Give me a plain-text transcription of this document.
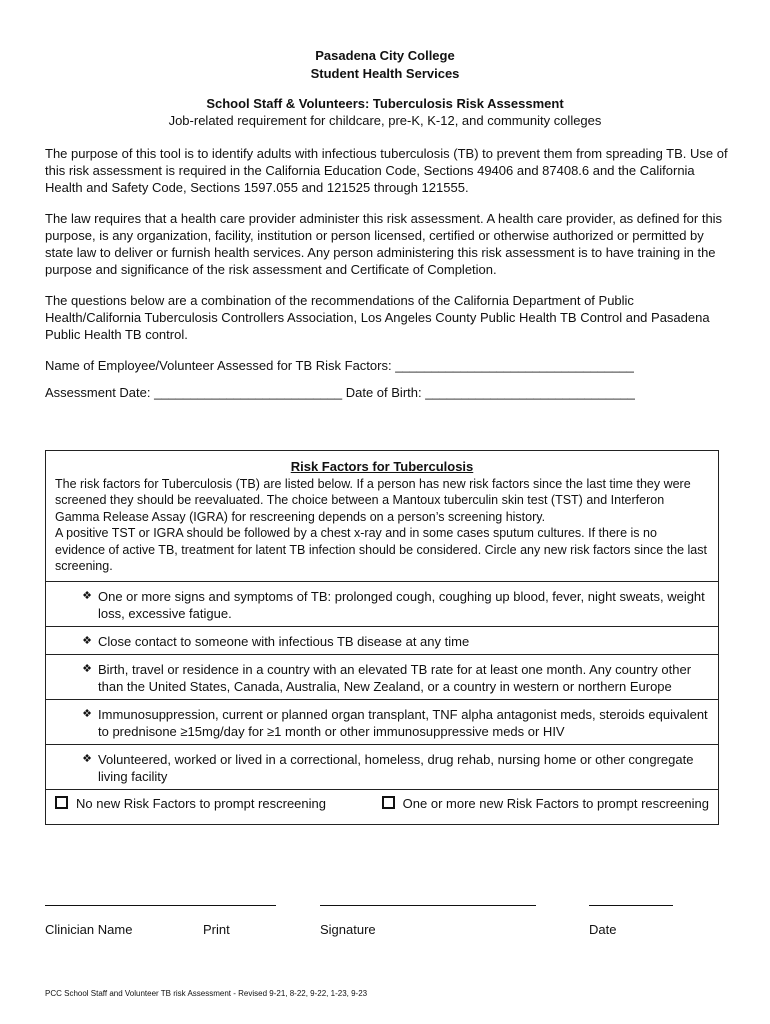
Pasadena City College
Student Health Services
School Staff & Volunteers: Tuberculosis Risk Assessment
Job-related requirement for childcare, pre-K, K-12, and community colleges
The purpose of this tool is to identify adults with infectious tuberculosis (TB) to prevent them from spreading TB. Use of this risk assessment is required in the California Education Code, Sections 49406 and 87408.6 and the California Health and Safety Code, Sections 1597.055 and 121525 through 121555.
The law requires that a health care provider administer this risk assessment. A health care provider, as defined for this purpose, is any organization, facility, institution or person licensed, certified or otherwise authorized or permitted by state law to deliver or furnish health services. Any person administering this risk assessment is to have training in the purpose and significance of the risk assessment and Certificate of Completion.
The questions below are a combination of the recommendations of the California Department of Public Health/California Tuberculosis Controllers Association, Los Angeles County Public Health TB Control and Pasadena Public Health TB control.
Name of Employee/Volunteer Assessed for TB Risk Factors: _________________________________
Assessment Date: __________________________ Date of Birth: _____________________________
Risk Factors for Tuberculosis
The risk factors for Tuberculosis (TB) are listed below. If a person has new risk factors since the last time they were screened they should be reevaluated. The choice between a Mantoux tuberculin skin test (TST) and Interferon Gamma Release Assay (IGRA) for rescreening depends on a person’s screening history.
A positive TST or IGRA should be followed by a chest x-ray and in some cases sputum cultures. If there is no evidence of active TB, treatment for latent TB infection should be considered. Circle any new risk factors since the last screening.
❖ One or more signs and symptoms of TB: prolonged cough, coughing up blood, fever, night sweats, weight loss, excessive fatigue.
❖ Close contact to someone with infectious TB disease at any time
❖ Birth, travel or residence in a country with an elevated TB rate for at least one month. Any country other than the United States, Canada, Australia, New Zealand, or a country in western or northern Europe
❖ Immunosuppression, current or planned organ transplant, TNF alpha antagonist meds, steroids equivalent to prednisone ≥15mg/day for ≥1 month or other immunosuppressive meds or HIV
❖ Volunteered, worked or lived in a correctional, homeless, drug rehab, nursing home or other congregate living facility
No new Risk Factors to prompt rescreening	One or more new Risk Factors to prompt rescreening
Clinician Name	Print	Signature	Date
PCC School Staff and Volunteer TB risk Assessment - Revised 9-21, 8-22, 9-22, 1-23, 9-23
